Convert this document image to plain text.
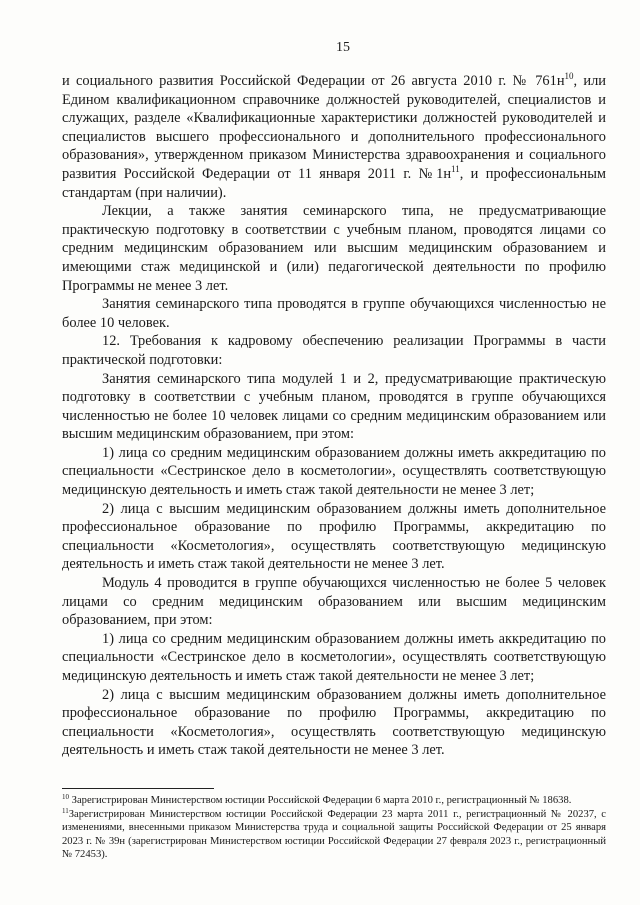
15

и социального развития Российской Федерации от 26 августа 2010 г. № $761н^{10}$, или Едином квалификационном справочнике должностей руководителей, специалистов и служащих, разделе «Квалификационные характеристики должностей руководителей и специалистов высшего профессионального и дополнительного профессионального образования», утвержденном приказом Министерства здравоохранения и социального развития Российской Федерации от 11 января 2011 г. $№1н^{11}$, и профессиональным стандартам (при наличии).

Лекции, а также занятия семинарского типа, не предусматривающие практическую подготовку в соответствии с учебным планом, проводятся лицами со средним медицинским образованием или высшим медицинским образованием и имеющими стаж медицинской и (или) педагогической деятельности по профилю Программы не менее 3 лет.

Занятия семинарского типа проводятся в группе обучающихся численностью не более 10 человек.

12. Требования к кадровому обеспечению реализации Программы в части практической подготовки:

Занятия семинарского типа модулей 1 и 2, предусматривающие практическую подготовку в соответствии с учебным планом, проводятся в группе обучающихся численностью не более 10 человек лицами со средним медицинским образованием или высшим медицинским образованием, при этом:

1) лица со средним медицинским образованием должны иметь аккредитацию по специальности «Сестринское дело в косметологии», осуществлять соответствующую медицинскую деятельность и иметь стаж такой деятельности не менее 3 лет;

2) лица с высшим медицинским образованием должны иметь дополнительное профессиональное образование по профилю Программы, аккредитацию по специальности «Косметология», осуществлять соответствующую медицинскую деятельность и иметь стаж такой деятельности не менее 3 лет.

Модуль 4 проводится в группе обучающихся численностью не более 5 человек лицами со средним медицинским образованием или высшим медицинским образованием, при этом:

1) лица со средним медицинским образованием должны иметь аккредитацию по специальности «Сестринское дело в косметологии», осуществлять соответствующую медицинскую деятельность и иметь стаж такой деятельности не менее 3 лет;

2) лица с высшим медицинским образованием должны иметь дополнительное профессиональное образование по профилю Программы, аккредитацию по специальности «Косметология», осуществлять соответствующую медицинскую деятельность и иметь стаж такой деятельности не менее 3 лет.

$^{10}$ Зарегистрирован Министерством юстиции Российской Федерации 6 марта 2010 г., регистрационный № 18638.

$^{11}$Зарегистрирован Министерством юстиции Российской Федерации 23 марта 2011 г., регистрационный № 20237, с изменениями, внесенными приказом Министерства труда и социальной защиты Российской Федерации от 25 января 2023 г. № 39н (зарегистрирован Министерством юстиции Российской Федерации 27 февраля 2023 г., регистрационный № 72453).
